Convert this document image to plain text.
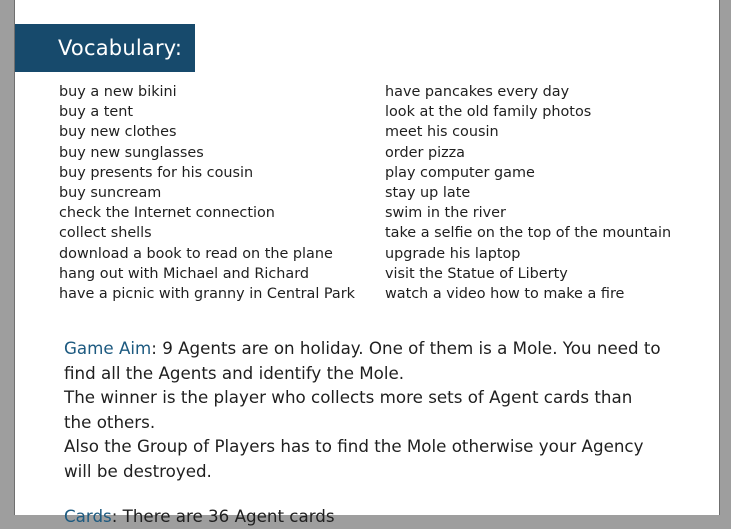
Vocabulary:
buy a new bikini
buy a tent
buy new clothes
buy new sunglasses
buy presents for his cousin
buy suncream
check the Internet connection
collect shells
download a book to read on the plane
hang out with Michael and Richard
have a picnic with granny in Central Park
have pancakes every day
look at the old family photos
meet his cousin
order pizza
play computer game
stay up late
swim in the river
take a selfie on the top of the mountain
upgrade his laptop
visit the Statue of Liberty
watch a video how to make a fire
Game Aim: 9 Agents are on holiday. One of them is a Mole. You need to find all the Agents and identify the Mole.
The winner is the player who collects more sets of Agent cards than the others.
Also the Group of Players has to find the Mole otherwise your Agency will be destroyed.
Cards: There are 36 Agent cards
